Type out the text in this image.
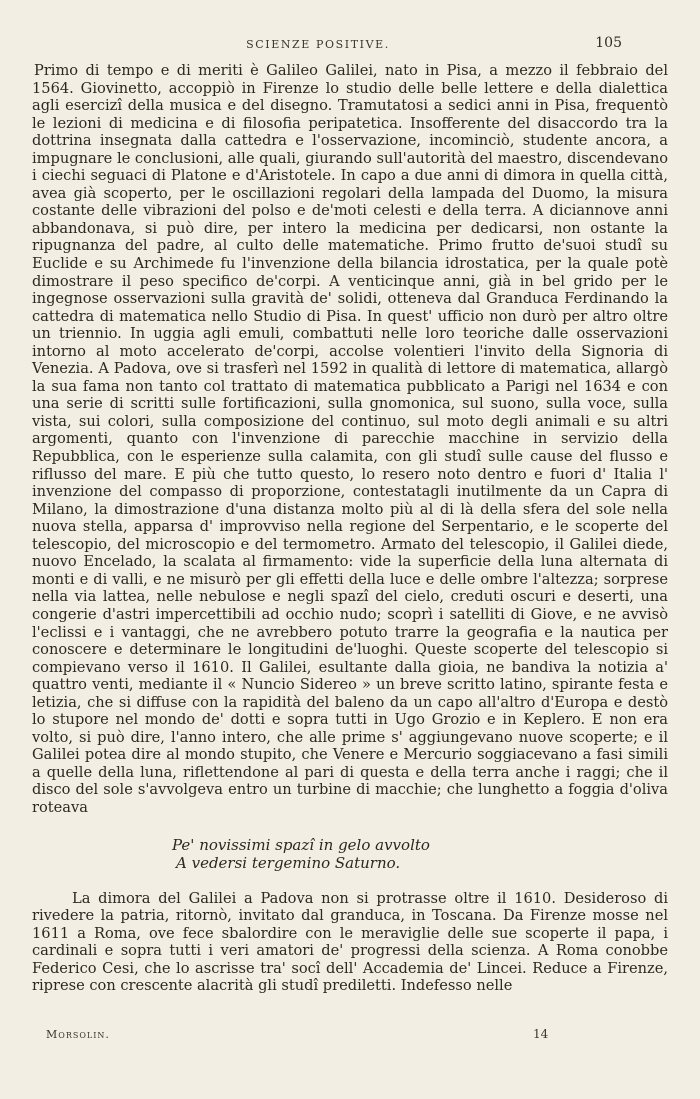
SCIENZE POSITIVE.	105

Primo di tempo e di meriti è Galileo Galilei, nato in Pisa, a mezzo il febbraio del 1564. Giovinetto, accoppiò in Firenze lo studio delle belle lettere e della dialettica agli esercizî della musica e del disegno. Tramutatosi a sedici anni in Pisa, frequentò le lezioni di medicina e di filosofia peripatetica. Insofferente del disaccordo tra la dottrina insegnata dalla cattedra e l'osservazione, incominciò, studente ancora, a impugnare le conclusioni, alle quali, giurando sull'autorità del maestro, discendevano i ciechi seguaci di Platone e d'Aristotele. In capo a due anni di dimora in quella città, avea già scoperto, per le oscillazioni regolari della lampada del Duomo, la misura costante delle vibrazioni del polso e de'moti celesti e della terra. A diciannove anni abbandonava, si può dire, per intero la medicina per dedicarsi, non ostante la ripugnanza del padre, al culto delle matematiche. Primo frutto de'suoi studî su Euclide e su Archimede fu l'invenzione della bilancia idrostatica, per la quale potè dimostrare il peso specifico de'corpi. A venticinque anni, già in bel grido per le ingegnose osservazioni sulla gravità de' solidi, otteneva dal Granduca Ferdinando la cattedra di matematica nello Studio di Pisa. In quest' ufficio non durò per altro oltre un triennio. In uggia agli emuli, combattuti nelle loro teoriche dalle osservazioni intorno al moto accelerato de'corpi, accolse volentieri l'invito della Signoria di Venezia. A Padova, ove si trasferì nel 1592 in qualità di lettore di matematica, allargò la sua fama non tanto col trattato di matematica pubblicato a Parigi nel 1634 e con una serie di scritti sulle fortificazioni, sulla gnomonica, sul suono, sulla voce, sulla vista, sui colori, sulla composizione del continuo, sul moto degli animali e su altri argomenti, quanto con l'invenzione di parecchie macchine in servizio della Repubblica, con le esperienze sulla calamita, con gli studî sulle cause del flusso e riflusso del mare. E più che tutto questo, lo resero noto dentro e fuori d' Italia l' invenzione del compasso di proporzione, contestatagli inutilmente da un Capra di Milano, la dimostrazione d'una distanza molto più al di là della sfera del sole nella nuova stella, apparsa d' improvviso nella regione del Serpentario, e le scoperte del telescopio, del microscopio e del termometro. Armato del telescopio, il Galilei diede, nuovo Encelado, la scalata al firmamento: vide la superficie della luna alternata di monti e di valli, e ne misurò per gli effetti della luce e delle ombre l'altezza; sorprese nella via lattea, nelle nebulose e negli spazî del cielo, creduti oscuri e deserti, una congerie d'astri impercettibili ad occhio nudo; scoprì i satelliti di Giove, e ne avvisò l'eclissi e i vantaggi, che ne avrebbero potuto trarre la geografia e la nautica per conoscere e determinare le longitudini de'luoghi. Queste scoperte del telescopio si compievano verso il 1610. Il Galilei, esultante dalla gioia, ne bandiva la notizia a' quattro venti, mediante il « Nuncio Sidereo » un breve scritto latino, spirante festa e letizia, che si diffuse con la rapidità del baleno da un capo all'altro d'Europa e destò lo stupore nel mondo de' dotti e sopra tutti in Ugo Grozio e in Keplero. E non era volto, si può dire, l'anno intero, che alle prime s' aggiungevano nuove scoperte; e il Galilei potea dire al mondo stupito, che Venere e Mercurio soggiacevano a fasi simili a quelle della luna, riflettendone al pari di questa e della terra anche i raggi; che il disco del sole s'avvolgeva entro un turbine di macchie; che lunghetto a foggia d'oliva roteava

Pe' novissimi spazî in gelo avvolto
A vedersi tergemino Saturno.

La dimora del Galilei a Padova non si protrasse oltre il 1610. Desideroso di rivedere la patria, ritornò, invitato dal granduca, in Toscana. Da Firenze mosse nel 1611 a Roma, ove fece sbalordire con le meraviglie delle sue scoperte il papa, i cardinali e sopra tutti i veri amatori de' progressi della scienza. A Roma conobbe Federico Cesi, che lo ascrisse tra' socî dell' Accademia de' Lincei. Reduce a Firenze, riprese con crescente alacrità gli studî prediletti. Indefesso nelle

Morsolin.	14
